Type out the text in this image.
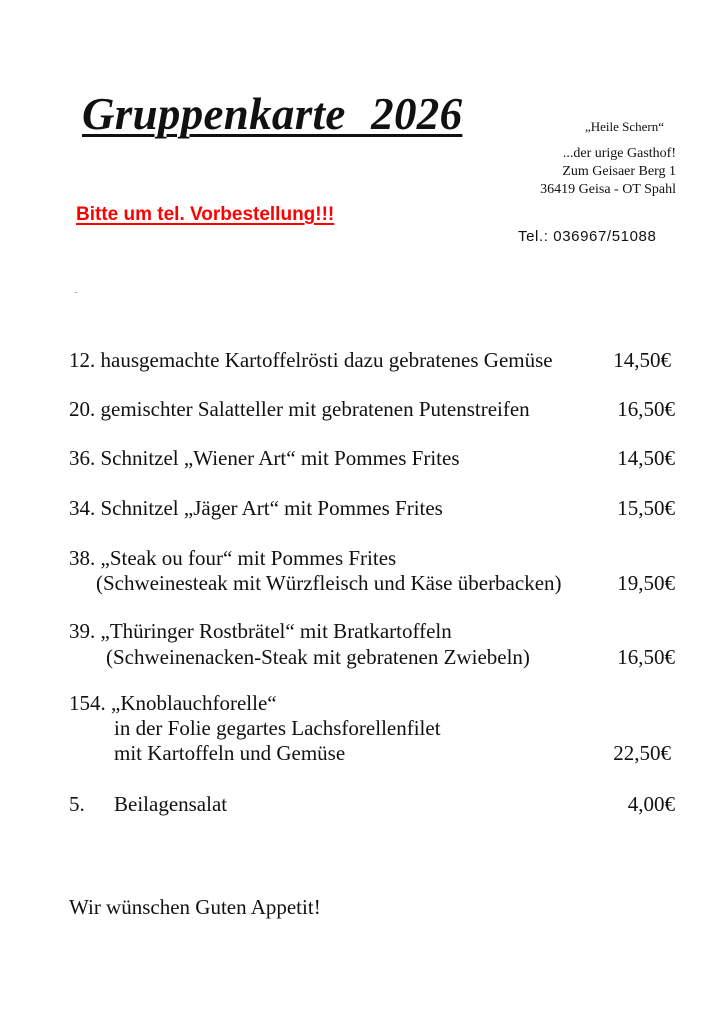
Gruppenkarte 2026	„Heile Schern“
...der urige Gasthof!
Zum Geisaer Berg 1
36419 Geisa - OT Spahl
Bitte um tel. Vorbestellung!!!
Tel.: 036967/51088
.
12. hausgemachte Kartoffelrösti dazu gebratenes Gemüse	14,50€
20. gemischter Salatteller mit gebratenen Putenstreifen	16,50€
36. Schnitzel „Wiener Art“ mit Pommes Frites	14,50€
34. Schnitzel „Jäger Art“ mit Pommes Frites	15,50€
38. „Steak ou four“ mit Pommes Frites
(Schweinesteak mit Würzfleisch und Käse überbacken)	19,50€
39. „Thüringer Rostbrätel“ mit Bratkartoffeln
(Schweinenacken-Steak mit gebratenen Zwiebeln)	16,50€
154. „Knoblauchforelle“
in der Folie gegartes Lachsforellenfilet
mit Kartoffeln und Gemüse	22,50€
5. Beilagensalat	4,00€
Wir wünschen Guten Appetit!
